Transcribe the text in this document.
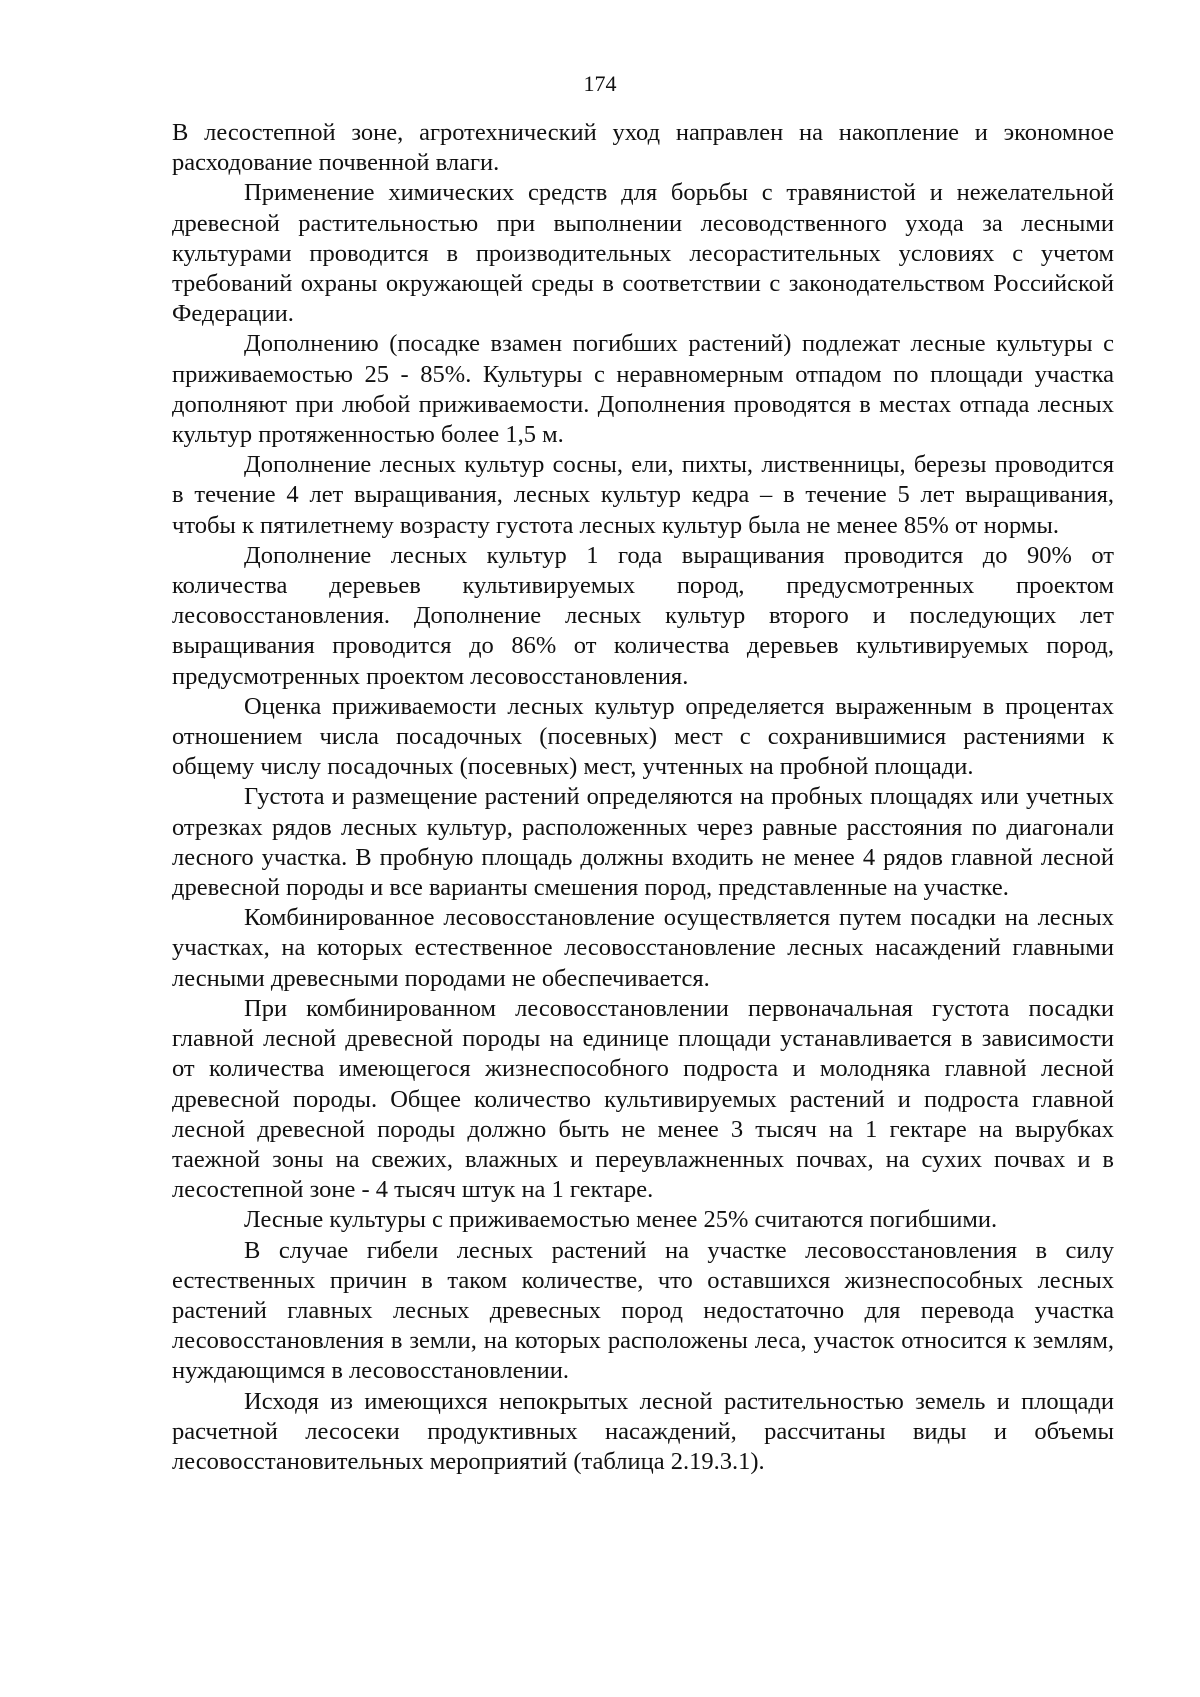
174

В лесостепной зоне, агротехнический уход направлен на накопление и экономное расходование почвенной влаги.

Применение химических средств для борьбы с травянистой и нежелательной древесной растительностью при выполнении лесоводственного ухода за лесными культурами проводится в производительных лесорастительных условиях с учетом требований охраны окружающей среды в соответствии с законодательством Российской Федерации.

Дополнению (посадке взамен погибших растений) подлежат лесные культуры с приживаемостью 25 - 85%. Культуры с неравномерным отпадом по площади участка дополняют при любой приживаемости. Дополнения проводятся в местах отпада лесных культур протяженностью более 1,5 м.

Дополнение лесных культур сосны, ели, пихты, лиственницы, березы проводится в течение 4 лет выращивания, лесных культур кедра – в течение 5 лет выращивания, чтобы к пятилетнему возрасту густота лесных культур была не менее 85% от нормы.

Дополнение лесных культур 1 года выращивания проводится до 90% от количества деревьев культивируемых пород, предусмотренных проектом лесовосстановления. Дополнение лесных культур второго и последующих лет выращивания проводится до 86% от количества деревьев культивируемых пород, предусмотренных проектом лесовосстановления.

Оценка приживаемости лесных культур определяется выраженным в процентах отношением числа посадочных (посевных) мест с сохранившимися растениями к общему числу посадочных (посевных) мест, учтенных на пробной площади.

Густота и размещение растений определяются на пробных площадях или учетных отрезках рядов лесных культур, расположенных через равные расстояния по диагонали лесного участка. В пробную площадь должны входить не менее 4 рядов главной лесной древесной породы и все варианты смешения пород, представленные на участке.

Комбинированное лесовосстановление осуществляется путем посадки на лесных участках, на которых естественное лесовосстановление лесных насаждений главными лесными древесными породами не обеспечивается.

При комбинированном лесовосстановлении первоначальная густота посадки главной лесной древесной породы на единице площади устанавливается в зависимости от количества имеющегося жизнеспособного подроста и молодняка главной лесной древесной породы. Общее количество культивируемых растений и подроста главной лесной древесной породы должно быть не менее 3 тысяч на 1 гектаре на вырубках таежной зоны на свежих, влажных и переувлажненных почвах, на сухих почвах и в лесостепной зоне - 4 тысяч штук на 1 гектаре.

Лесные культуры с приживаемостью менее 25% считаются погибшими.

В случае гибели лесных растений на участке лесовосстановления в силу естественных причин в таком количестве, что оставшихся жизнеспособных лесных растений главных лесных древесных пород недостаточно для перевода участка лесовосстановления в земли, на которых расположены леса, участок относится к землям, нуждающимся в лесовосстановлении.

Исходя из имеющихся непокрытых лесной растительностью земель и площади расчетной лесосеки продуктивных насаждений, рассчитаны виды и объемы лесовосстановительных мероприятий (таблица 2.19.3.1).
